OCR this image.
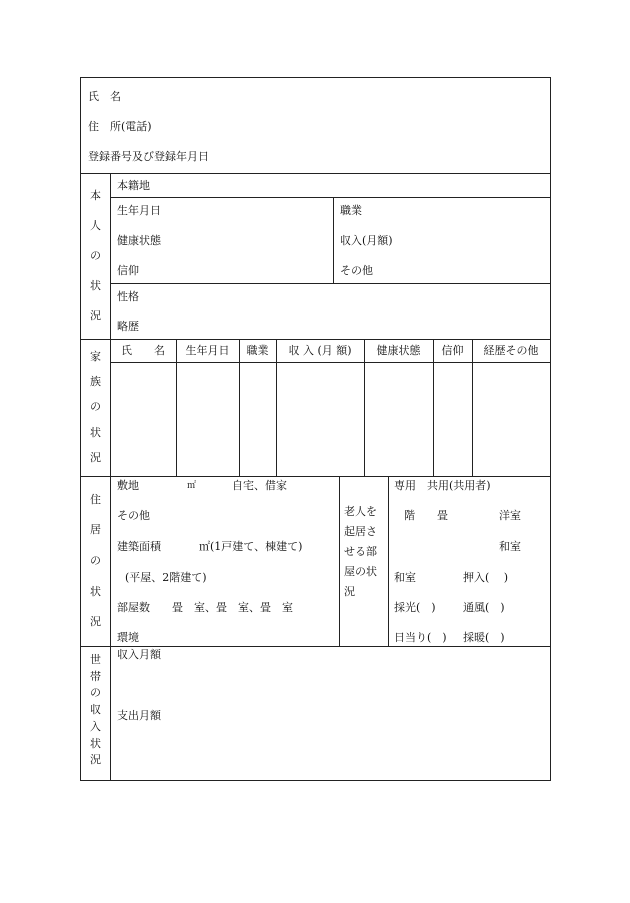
氏　名
住　所(電話)
登録番号及び登録年月日
本
人
の
状
況
本籍地
生年月日	職業
健康状態	収入(月額)
信仰	その他
性格
略歴
家
族
の
状
況
氏　　名	生年月日	職業	収 入 (月 額)	健康状態	信仰	経歴その他
住
居
の
状
況
敷地	㎡	自宅、借家
その他
建築面積	㎡(1戸建て、棟建て)
(平屋、2階建て)
部屋数　　畳　室、畳　室、畳　室
環境
老人を
起居さ
せる部
屋の状
況
専用　共用(共用者)
階　　畳	洋室
和室
和室	押入(　 )
採光(　) 通風(　)
日当り(　) 採暖(　)
世
帯
の
収
入
状
況
収入月額
支出月額
